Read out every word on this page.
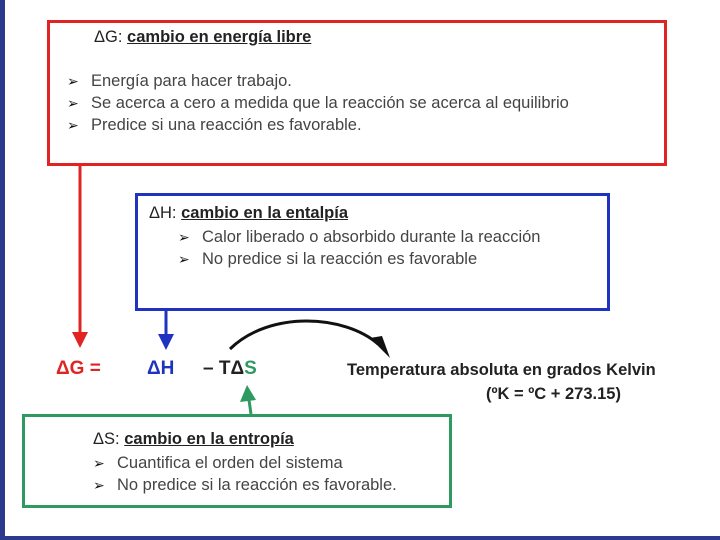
ΔG: cambio en energía libre
➢ Energía para hacer trabajo.
➢ Se acerca a cero a medida que la reacción se acerca al equilibrio
➢ Predice si una reacción es favorable.
ΔH: cambio en la entalpía
➢ Calor liberado o absorbido durante la reacción
➢ No predice si la reacción es favorable
ΔG = ΔH – TΔS	Temperatura absoluta en grados Kelvin
(ºK = ºC + 273.15)
ΔS: cambio en la entropía
➢ Cuantifica el orden del sistema
➢ No predice si la reacción es favorable.
